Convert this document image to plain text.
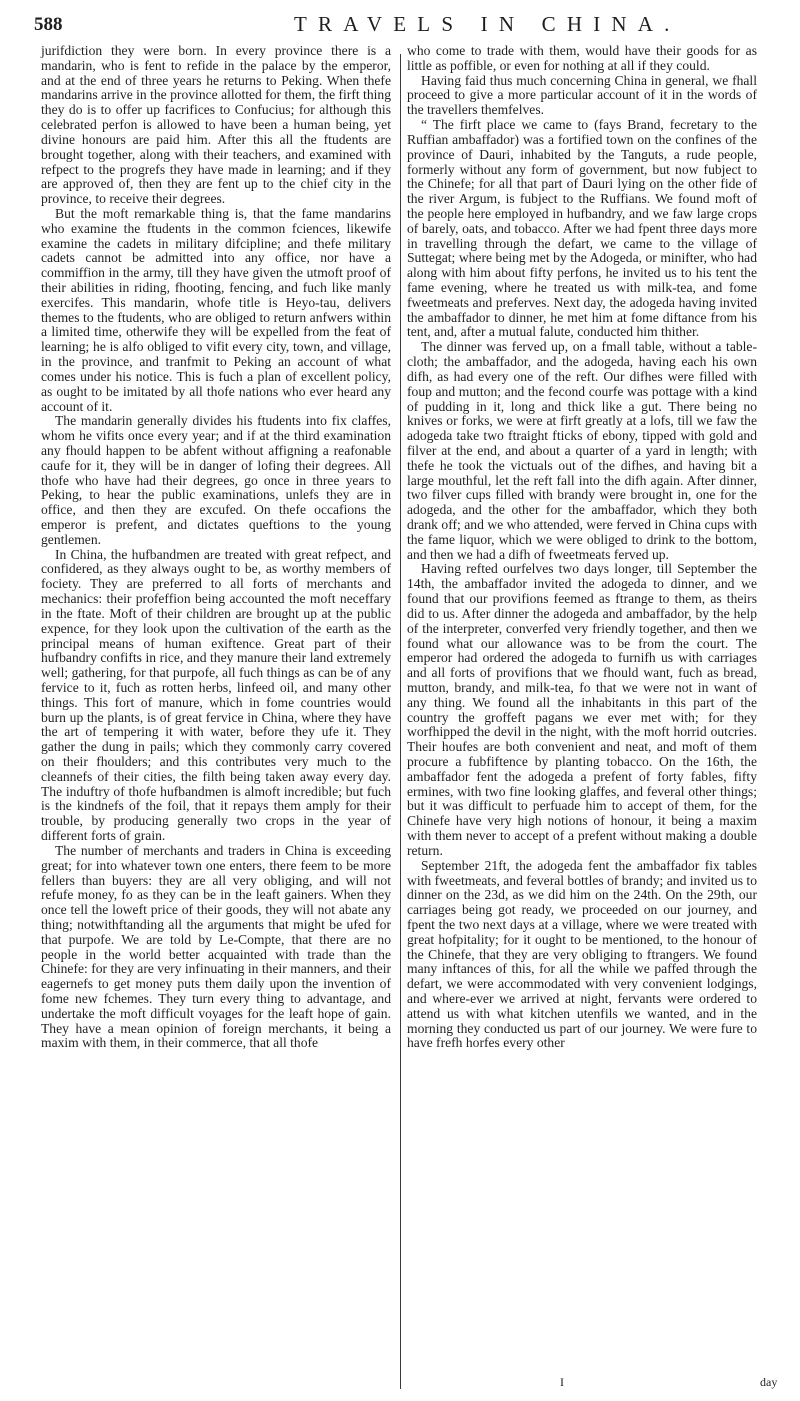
588	TRAVELS IN CHINA.

jurifdiction they were born. In every province there is a mandarin, who is fent to refide in the palace by the emperor, and at the end of three years he returns to Peking. When thefe mandarins arrive in the province allotted for them, the firft thing they do is to offer up facrifices to Confucius; for although this celebrated perfon is allowed to have been a human being, yet divine honours are paid him. After this all the ftudents are brought together, along with their teachers, and examined with refpect to the progrefs they have made in learning; and if they are approved of, then they are fent up to the chief city in the province, to receive their degrees.

But the moft remarkable thing is, that the fame mandarins who examine the ftudents in the common fciences, likewife examine the cadets in military difcipline; and thefe military cadets cannot be admitted into any office, nor have a commiffion in the army, till they have given the utmoft proof of their abilities in riding, fhooting, fencing, and fuch like manly exercifes. This mandarin, whofe title is Heyo-tau, delivers themes to the ftudents, who are obliged to return anfwers within a limited time, otherwife they will be expelled from the feat of learning; he is alfo obliged to vifit every city, town, and village, in the province, and tranfmit to Peking an account of what comes under his notice. This is fuch a plan of excellent policy, as ought to be imitated by all thofe nations who ever heard any account of it.

The mandarin generally divides his ftudents into fix claffes, whom he vifits once every year; and if at the third examination any fhould happen to be abfent without affigning a reafonable caufe for it, they will be in danger of lofing their degrees. All thofe who have had their degrees, go once in three years to Peking, to hear the public examinations, unlefs they are in office, and then they are excufed. On thefe occafions the emperor is prefent, and dictates queftions to the young gentlemen.

In China, the hufbandmen are treated with great refpect, and confidered, as they always ought to be, as worthy members of fociety. They are preferred to all forts of merchants and mechanics: their profeffion being accounted the moft neceffary in the ftate. Moft of their children are brought up at the public expence, for they look upon the cultivation of the earth as the principal means of human exiftence. Great part of their hufbandry confifts in rice, and they manure their land extremely well; gathering, for that purpofe, all fuch things as can be of any fervice to it, fuch as rotten herbs, linfeed oil, and many other things. This fort of manure, which in fome countries would burn up the plants, is of great fervice in China, where they have the art of tempering it with water, before they ufe it. They gather the dung in pails; which they commonly carry covered on their fhoulders; and this contributes very much to the cleannefs of their cities, the filth being taken away every day. The induftry of thofe hufbandmen is almoft incredible; but fuch is the kindnefs of the foil, that it repays them amply for their trouble, by producing generally two crops in the year of different forts of grain.

The number of merchants and traders in China is exceeding great; for into whatever town one enters, there feem to be more fellers than buyers: they are all very obliging, and will not refufe money, fo as they can be in the leaft gainers. When they once tell the loweft price of their goods, they will not abate any thing; notwithftanding all the arguments that might be ufed for that purpofe. We are told by Le-Compte, that there are no people in the world better acquainted with trade than the Chinefe: for they are very infinuating in their manners, and their eagernefs to get money puts them daily upon the invention of fome new fchemes. They turn every thing to advantage, and undertake the moft difficult voyages for the leaft hope of gain. They have a mean opinion of foreign merchants, it being a maxim with them, in their commerce, that all thofe

who come to trade with them, would have their goods for as little as poffible, or even for nothing at all if they could.

Having faid thus much concerning China in general, we fhall proceed to give a more particular account of it in the words of the travellers themfelves.

“ The firft place we came to (fays Brand, fecretary to the Ruffian ambaffador) was a fortified town on the confines of the province of Dauri, inhabited by the Tanguts, a rude people, formerly without any form of government, but now fubject to the Chinefe; for all that part of Dauri lying on the other fide of the river Argum, is fubject to the Ruffians. We found moft of the people here employed in hufbandry, and we faw large crops of barely, oats, and tobacco. After we had fpent three days more in travelling through the defart, we came to the village of Suttegat; where being met by the Adogeda, or minifter, who had along with him about fifty perfons, he invited us to his tent the fame evening, where he treated us with milk-tea, and fome fweetmeats and preferves. Next day, the adogeda having invited the ambaffador to dinner, he met him at fome diftance from his tent, and, after a mutual falute, conducted him thither.

The dinner was ferved up, on a fmall table, without a table-cloth; the ambaffador, and the adogeda, having each his own difh, as had every one of the reft. Our difhes were filled with foup and mutton; and the fecond courfe was pottage with a kind of pudding in it, long and thick like a gut. There being no knives or forks, we were at firft greatly at a lofs, till we faw the adogeda take two ftraight fticks of ebony, tipped with gold and filver at the end, and about a quarter of a yard in length; with thefe he took the victuals out of the difhes, and having bit a large mouthful, let the reft fall into the difh again. After dinner, two filver cups filled with brandy were brought in, one for the adogeda, and the other for the ambaffador, which they both drank off; and we who attended, were ferved in China cups with the fame liquor, which we were obliged to drink to the bottom, and then we had a difh of fweetmeats ferved up.

Having refted ourfelves two days longer, till September the 14th, the ambaffador invited the adogeda to dinner, and we found that our provifions feemed as ftrange to them, as theirs did to us. After dinner the adogeda and ambaffador, by the help of the interpreter, converfed very friendly together, and then we found what our allowance was to be from the court. The emperor had ordered the adogeda to furnifh us with carriages and all forts of provifions that we fhould want, fuch as bread, mutton, brandy, and milk-tea, fo that we were not in want of any thing. We found all the inhabitants in this part of the country the groffeft pagans we ever met with; for they worfhipped the devil in the night, with the moft horrid outcries. Their houfes are both convenient and neat, and moft of them procure a fubfiftence by planting tobacco. On the 16th, the ambaffador fent the adogeda a prefent of forty fables, fifty ermines, with two fine looking glaffes, and feveral other things; but it was difficult to perfuade him to accept of them, for the Chinefe have very high notions of honour, it being a maxim with them never to accept of a prefent without making a double return.

September 21ft, the adogeda fent the ambaffador fix tables with fweetmeats, and feveral bottles of brandy; and invited us to dinner on the 23d, as we did him on the 24th. On the 29th, our carriages being got ready, we proceeded on our journey, and fpent the two next days at a village, where we were treated with great hofpitality; for it ought to be mentioned, to the honour of the Chinefe, that they are very obliging to ftrangers. We found many inftances of this, for all the while we paffed through the defart, we were accommodated with very convenient lodgings, and where-ever we arrived at night, fervants were ordered to attend us with what kitchen utenfils we wanted, and in the morning they conducted us part of our journey. We were fure to have frefh horfes every other

I	day
